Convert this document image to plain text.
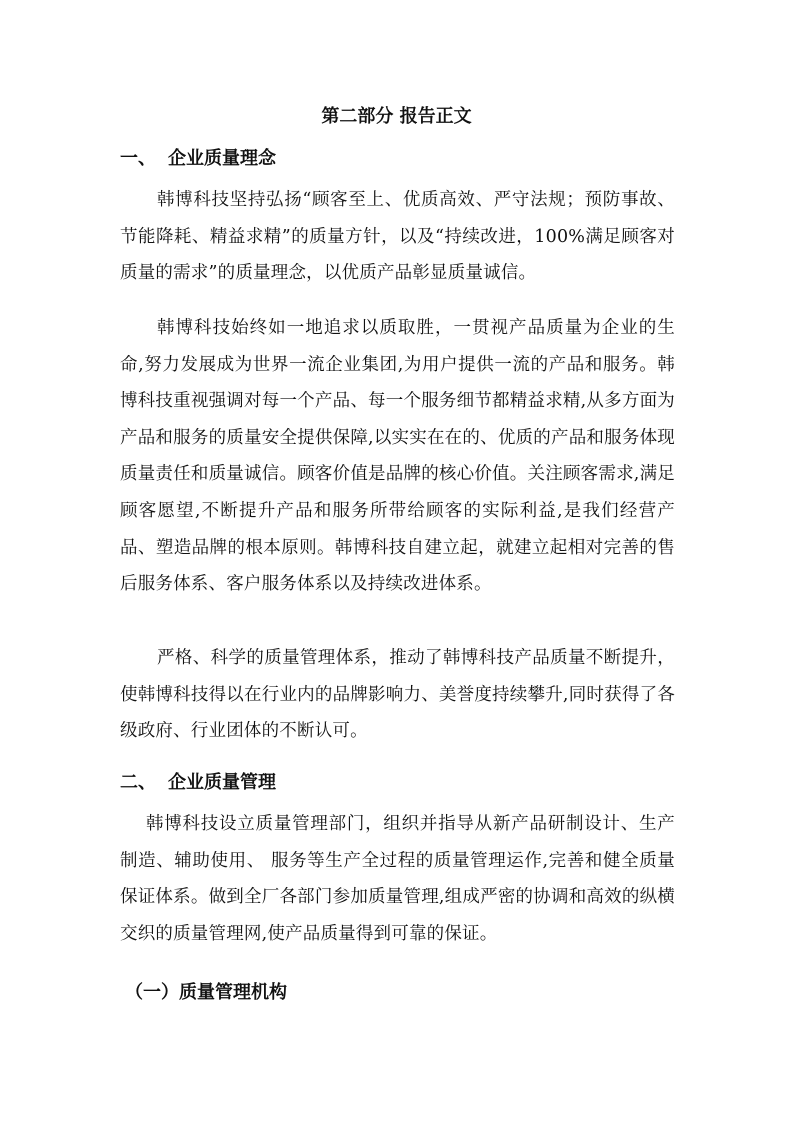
第二部分 报告正文
一、 企业质量理念

韩博科技坚持弘扬“顾客至上、优质高效、严守法规；预防事故、节能降耗、精益求精”的质量方针，以及“持续改进，100%满足顾客对质量的需求”的质量理念，以优质产品彰显质量诚信。

韩博科技始终如一地追求以质取胜，一贯视产品质量为企业的生命,努力发展成为世界一流企业集团,为用户提供一流的产品和服务。韩博科技重视强调对每一个产品、每一个服务细节都精益求精,从多方面为产品和服务的质量安全提供保障,以实实在在的、优质的产品和服务体现质量责任和质量诚信。顾客价值是品牌的核心价值。关注顾客需求,满足顾客愿望,不断提升产品和服务所带给顾客的实际利益,是我们经营产品、塑造品牌的根本原则。韩博科技自建立起，就建立起相对完善的售后服务体系、客户服务体系以及持续改进体系。

严格、科学的质量管理体系，推动了韩博科技产品质量不断提升，使韩博科技得以在行业内的品牌影响力、美誉度持续攀升,同时获得了各级政府、行业团体的不断认可。

二、 企业质量管理

韩博科技设立质量管理部门，组织并指导从新产品研制设计、生产制造、辅助使用、 服务等生产全过程的质量管理运作,完善和健全质量保证体系。做到全厂各部门参加质量管理,组成严密的协调和高效的纵横交织的质量管理网,使产品质量得到可靠的保证。

（一）质量管理机构
